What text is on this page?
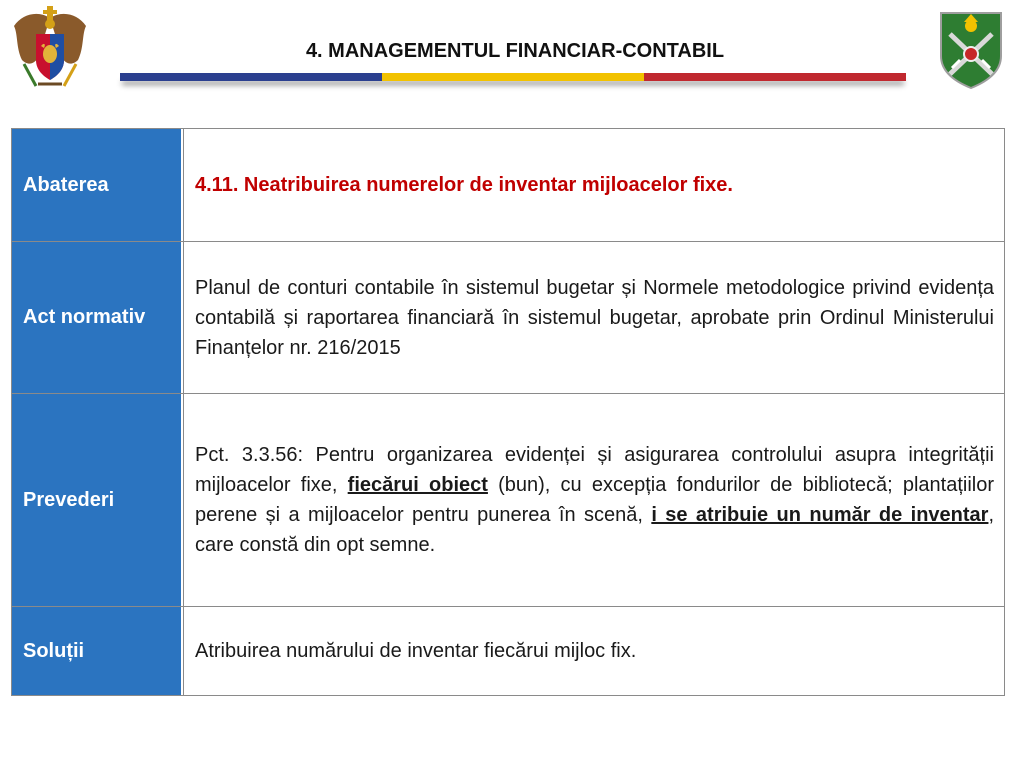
4. MANAGEMENTUL FINANCIAR-CONTABIL
Abaterea	4.11. Neatribuirea numerelor de inventar mijloacelor fixe.

Act normativ

Planul de conturi contabile în sistemul bugetar și Normele metodologice privind evidența contabilă și raportarea financiară în sistemul bugetar, aprobate prin Ordinul Ministerului Finanțelor nr. 216/2015

Prevederi

Pct. 3.3.56: Pentru organizarea evidenței și asigurarea controlului asupra integrității mijloacelor fixe, fiecărui obiect (bun), cu excepția fondurilor de bibliotecă; plantațiilor perene și a mijloacelor pentru punerea în scenă, i se atribuie un număr de inventar, care constă din opt semne.

Soluții	Atribuirea numărului de inventar fiecărui mijloc fix.
